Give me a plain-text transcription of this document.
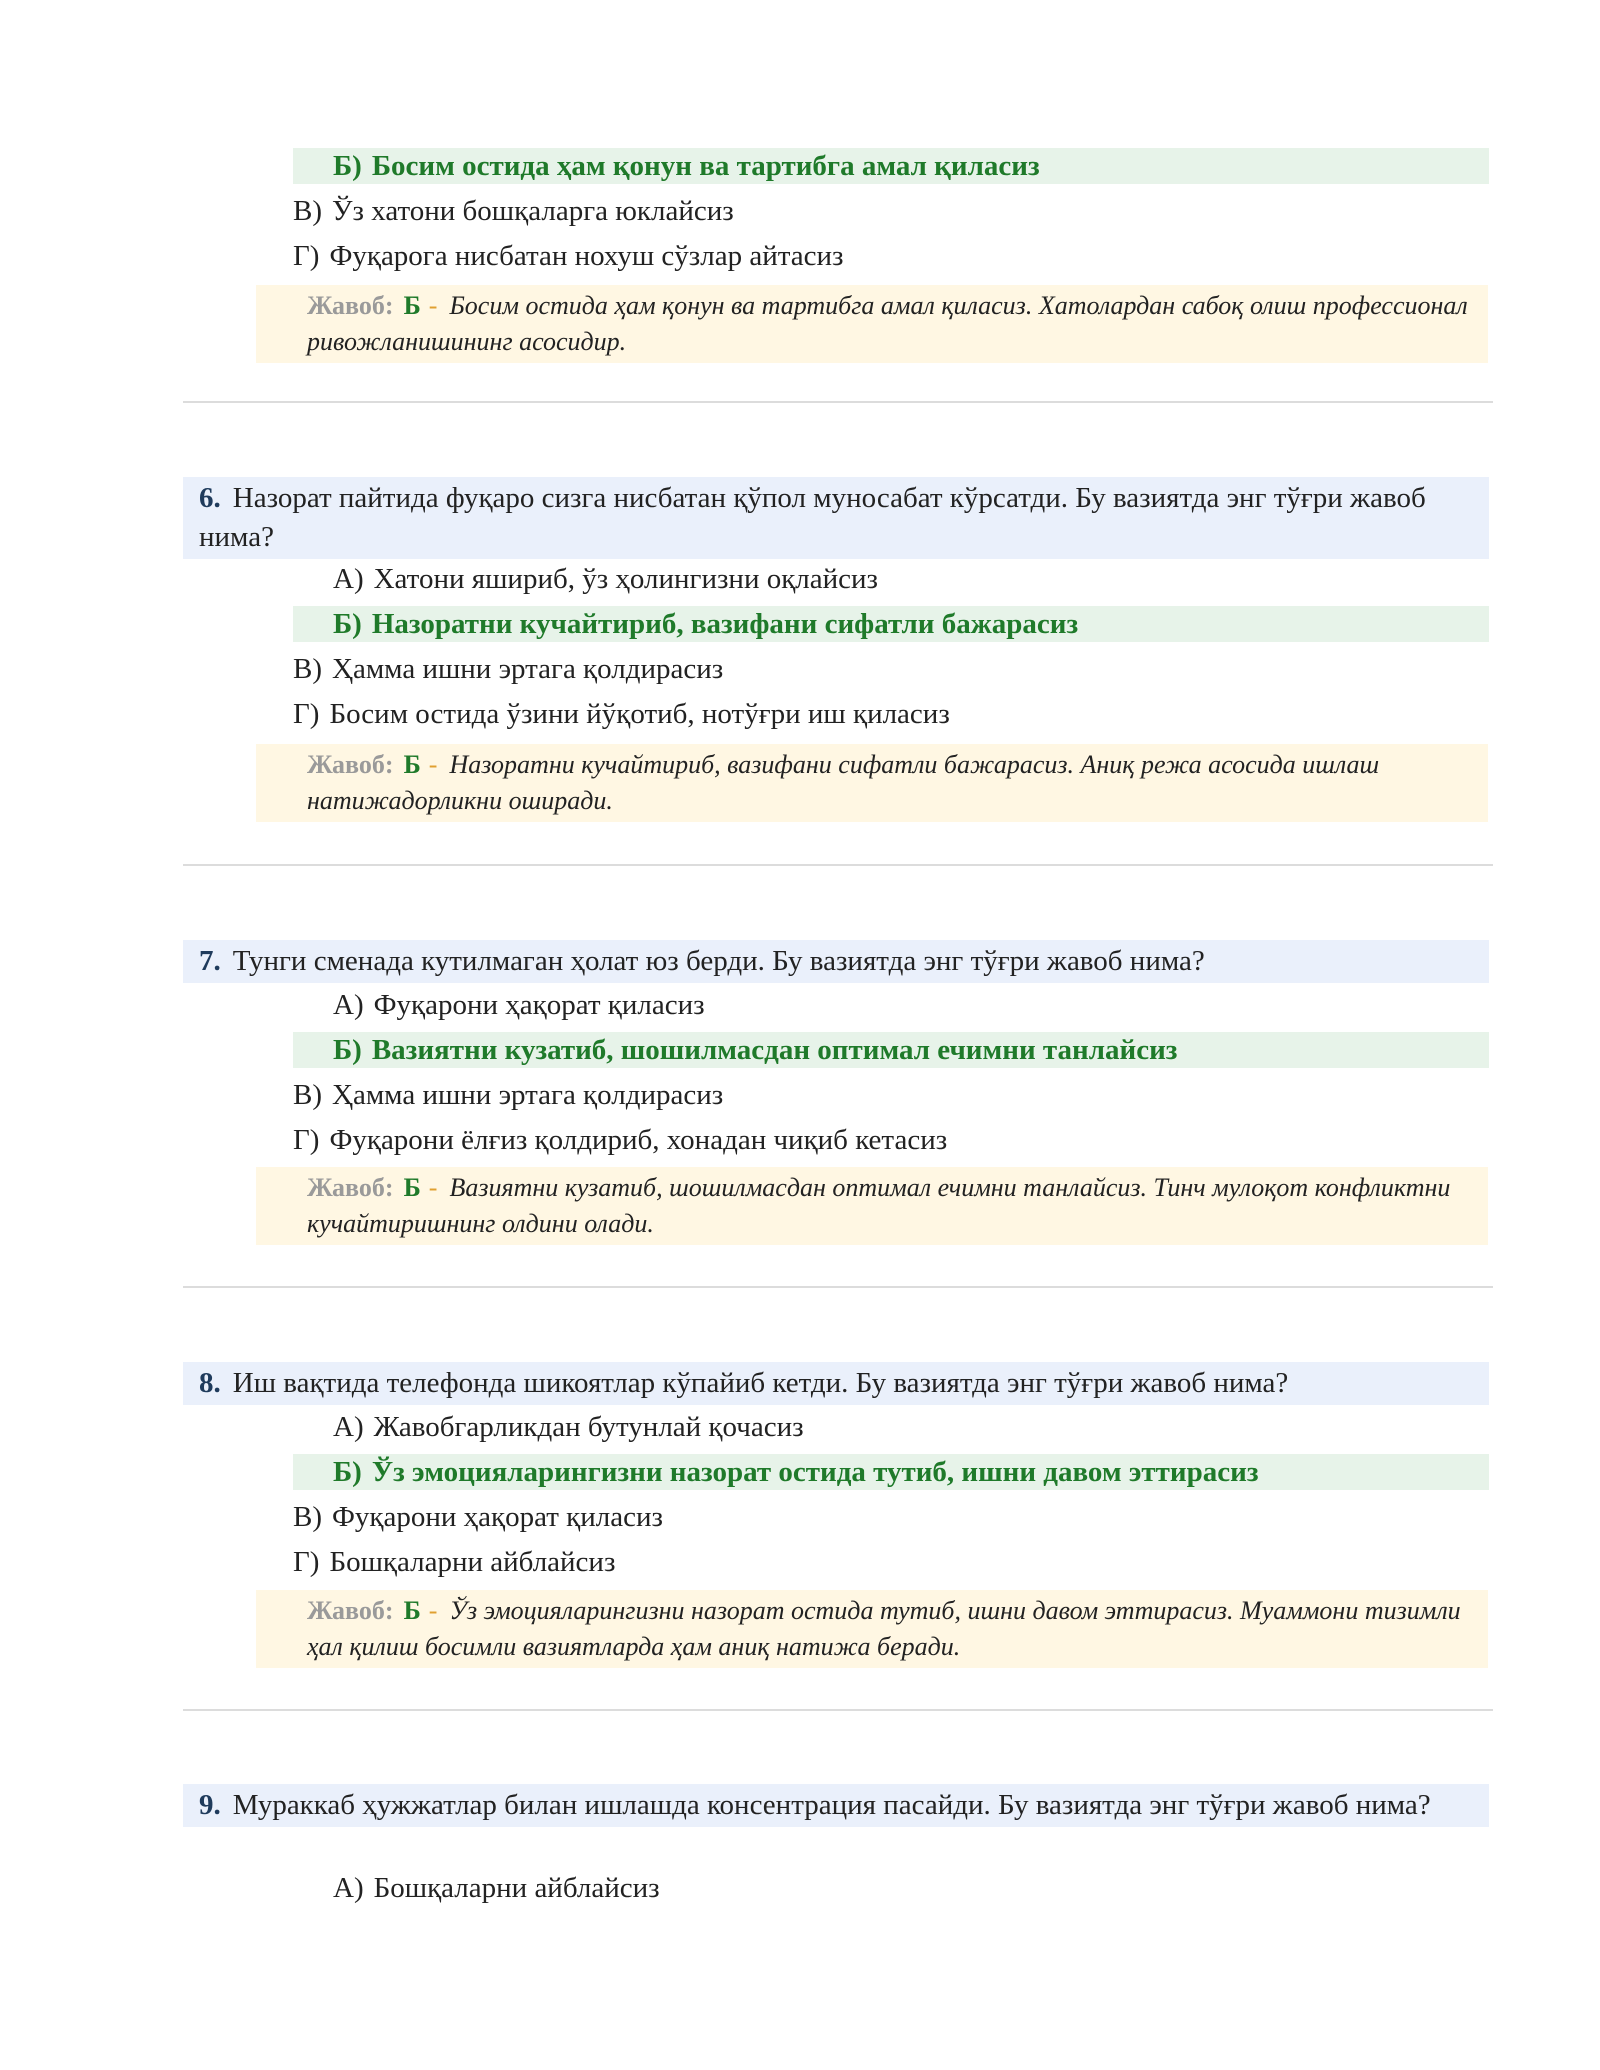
Б) Босим остида ҳам қонун ва тартибга амал қиласиз
В) Ўз хатони бошқаларга юклайсиз
Г) Фуқарога нисбатан нохуш сўзлар айтасиз
Жавоб: Б - Босим остида ҳам қонун ва тартибга амал қиласиз. Хатолардан сабоқ олиш профессионал ривожланишининг асосидир.
6. Назорат пайтида фуқаро сизга нисбатан қўпол муносабат кўрсатди. Бу вазиятда энг тўғри жавоб нима?
А) Хатони яшириб, ўз ҳолингизни оқлайсиз
Б) Назоратни кучайтириб, вазифани сифатли бажарасиз
В) Ҳамма ишни эртага қолдирасиз
Г) Босим остида ўзини йўқотиб, нотўғри иш қиласиз
Жавоб: Б - Назоратни кучайтириб, вазифани сифатли бажарасиз. Аниқ режа асосида ишлаш натижадорликни оширади.
7. Тунги сменада кутилмаган ҳолат юз берди. Бу вазиятда энг тўғри жавоб нима?
А) Фуқарони ҳақорат қиласиз
Б) Вазиятни кузатиб, шошилмасдан оптимал ечимни танлайсиз
В) Ҳамма ишни эртага қолдирасиз
Г) Фуқарони ёлғиз қолдириб, хонадан чиқиб кетасиз
Жавоб: Б - Вазиятни кузатиб, шошилмасдан оптимал ечимни танлайсиз. Тинч мулоқот конфликтни кучайтиришнинг олдини олади.
8. Иш вақтида телефонда шикоятлар кўпайиб кетди. Бу вазиятда энг тўғри жавоб нима?
А) Жавобгарликдан бутунлай қочасиз
Б) Ўз эмоцияларингизни назорат остида тутиб, ишни давом эттирасиз
В) Фуқарони ҳақорат қиласиз
Г) Бошқаларни айблайсиз
Жавоб: Б - Ўз эмоцияларингизни назорат остида тутиб, ишни давом эттирасиз. Муаммони тизимли ҳал қилиш босимли вазиятларда ҳам аниқ натижа беради.
9. Мураккаб ҳужжатлар билан ишлашда консентрация пасайди. Бу вазиятда энг тўғри жавоб нима?
А) Бошқаларни айблайсиз
